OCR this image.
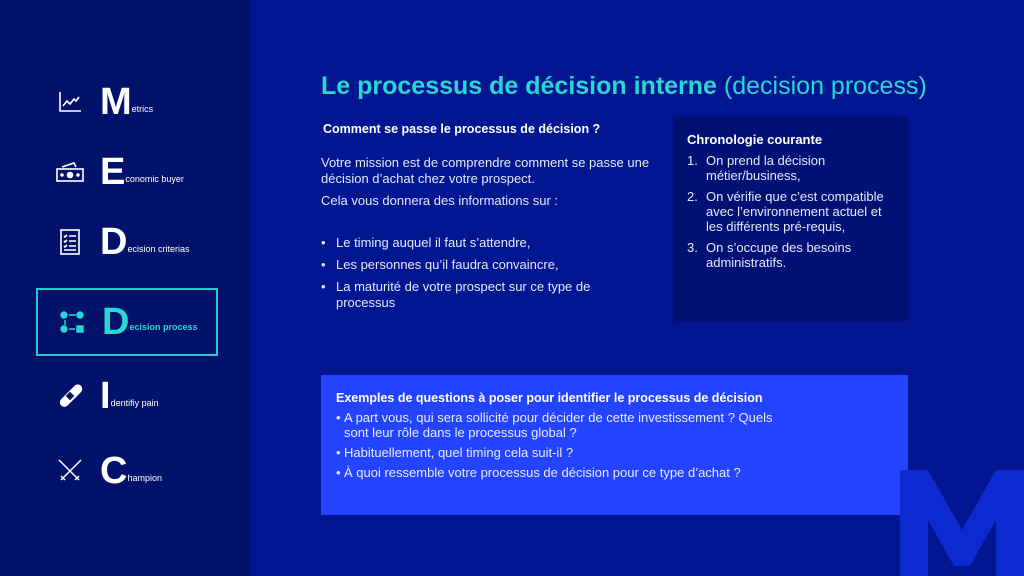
M etrics
E conomic buyer
D ecision criterias
D ecision process
I dentifiy pain
C hampion
Le processus de décision interne (decision process)
Comment se passe le processus de décision ?

Votre mission est de comprendre comment se passe une décision d’achat chez votre prospect.

Cela vous donnera des informations sur :

• Le timing auquel il faut s’attendre,
• Les personnes qu’il faudra convaincre,
• La maturité de votre prospect sur ce type de processus
Chronologie courante
1. On prend la décision métier/business,
2. On vérifie que c’est compatible avec l’environnement actuel et les différents pré-requis,
3. On s’occupe des besoins administratifs.
Exemples de questions à poser pour identifier le processus de décision
• A part vous, qui sera sollicité pour décider de cette investissement ? Quels sont leur rôle dans le processus global ?
• Habituellement, quel timing cela suit-il ?
• À quoi ressemble votre processus de décision pour ce type d’achat ?
